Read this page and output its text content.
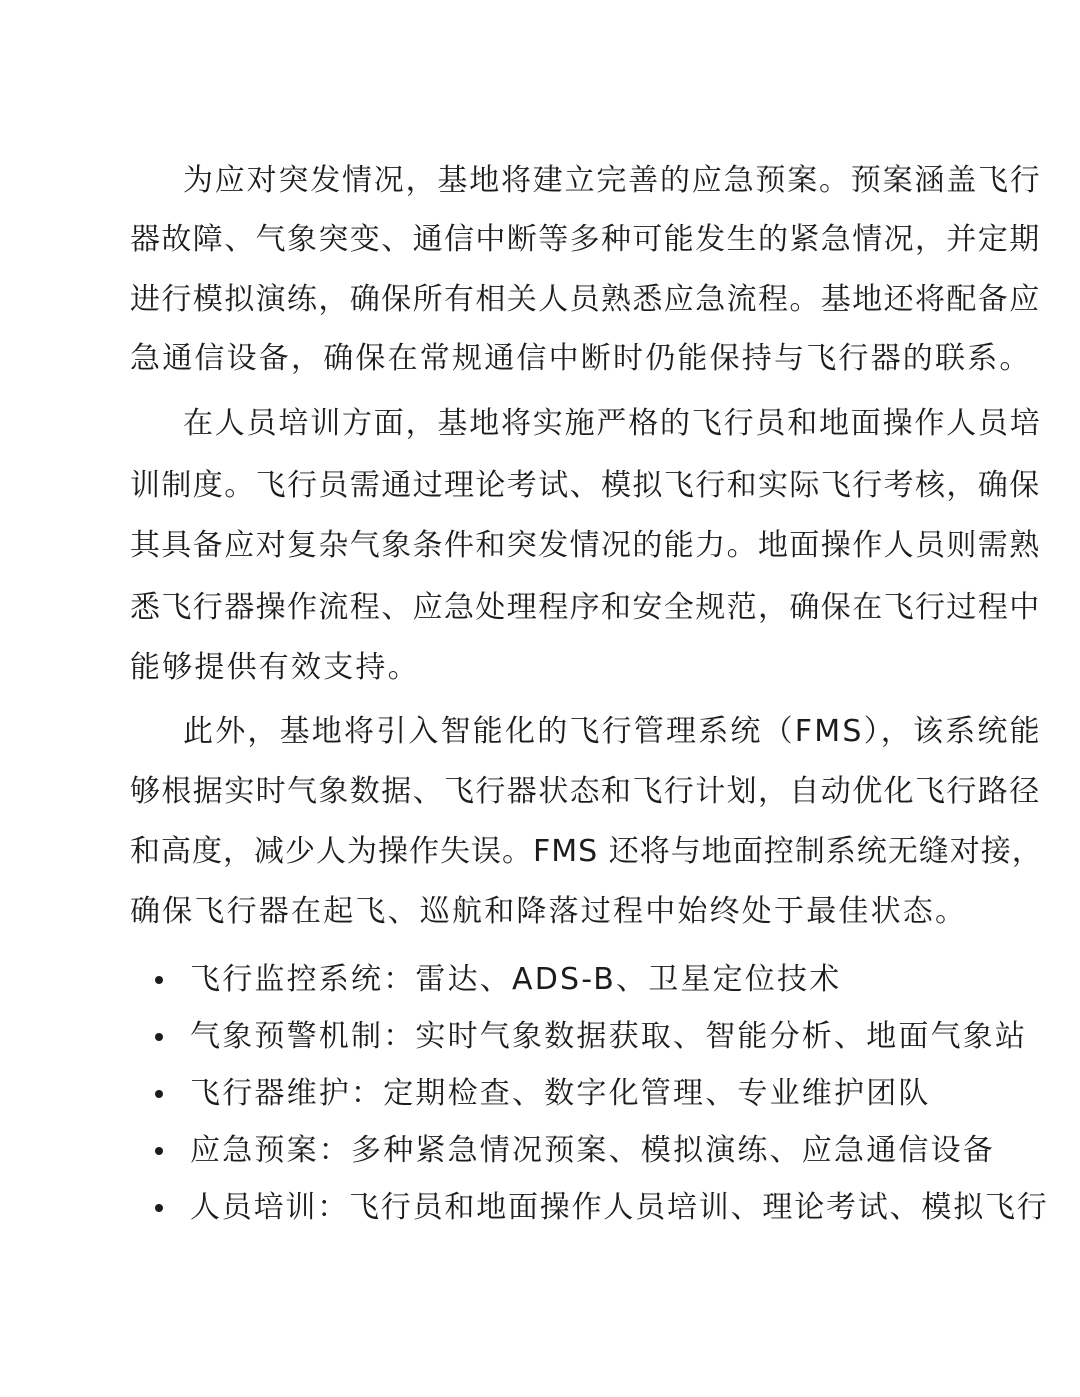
为应对突发情况，基地将建立完善的应急预案。预案涵盖飞行
器故障、气象突变、通信中断等多种可能发生的紧急情况，并定期
进行模拟演练，确保所有相关人员熟悉应急流程。基地还将配备应
急通信设备，确保在常规通信中断时仍能保持与飞行器的联系。
在人员培训方面，基地将实施严格的飞行员和地面操作人员培
训制度。飞行员需通过理论考试、模拟飞行和实际飞行考核，确保
其具备应对复杂气象条件和突发情况的能力。地面操作人员则需熟
悉飞行器操作流程、应急处理程序和安全规范，确保在飞行过程中
能够提供有效支持。
此外，基地将引入智能化的飞行管理系统（FMS），该系统能
够根据实时气象数据、飞行器状态和飞行计划，自动优化飞行路径
和高度，减少人为操作失误。FMS 还将与地面控制系统无缝对接，
确保飞行器在起飞、巡航和降落过程中始终处于最佳状态。
飞行监控系统：雷达、ADS-B、卫星定位技术
气象预警机制：实时气象数据获取、智能分析、地面气象站
飞行器维护：定期检查、数字化管理、专业维护团队
应急预案：多种紧急情况预案、模拟演练、应急通信设备
人员培训：飞行员和地面操作人员培训、理论考试、模拟飞行
